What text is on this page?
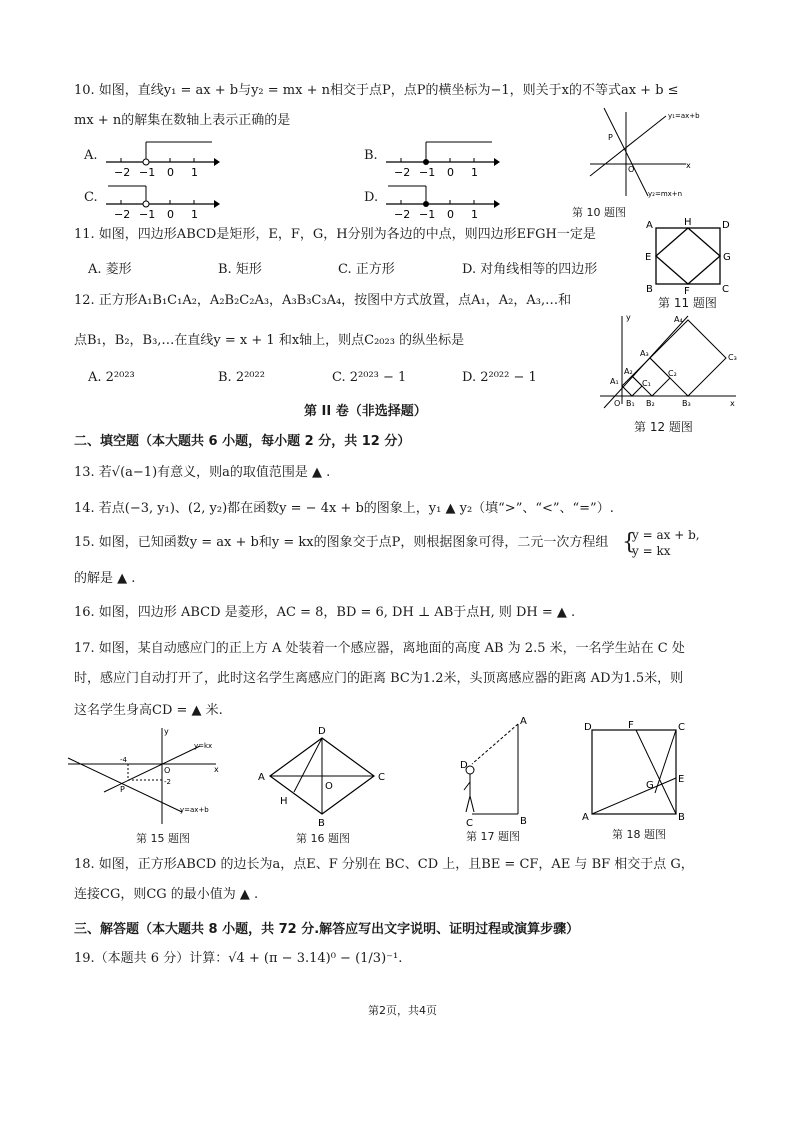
10. 如图，直线y₁ = ax + b与y₂ = mx + n相交于点P，点P的横坐标为−1，则关于x的不等式ax + b ≤
mx + n的解集在数轴上表示正确的是
A.	B.
C.	D.
−2 −1 0 1	−2 −1 0 1
−2 −1 0 1	−2 −1 0 1
y₁=ax+b
y₂=mx+n
P
O	x
第 10 题图
11. 如图，四边形ABCD是矩形，E，F，G，H分别为各边的中点，则四边形EFGH一定是
A. 菱形	B. 矩形	C. 正方形	D. 对角线相等的四边形
A	H	D
E	G
B	F	C
第 11 题图
12. 正方形A₁B₁C₁A₂，A₂B₂C₂A₃，A₃B₃C₃A₄，按图中方式放置，点A₁，A₂，A₃,…和
点B₁，B₂，B₃,…在直线y = x + 1 和x轴上，则点C₂₀₂₃ 的纵坐标是
A. 2²⁰²³	B. 2²⁰²²	C. 2²⁰²³ − 1	D. 2²⁰²² − 1
y
x
O
A₁
A₂
A₃
A₄
B₁ B₂	B₃
C₁
C₂
C₃
第 12 题图
第 II 卷（非选择题）
二、填空题（本大题共 6 小题，每小题 2 分，共 12 分）
13. 若√(a−1)有意义，则a的取值范围是 ▲ .
14. 若点(−3, y₁)、(2, y₂)都在函数y = − 4x + b的图象上，y₁ ▲ y₂（填“>”、“<”、“=”）.
15. 如图，已知函数y = ax + b和y = kx的图象交于点P，则根据图象可得，二元一次方程组 {
y = ax + b,
y = kx
的解是 ▲ .
16. 如图，四边形 ABCD 是菱形，AC = 8，BD = 6, DH ⊥ AB于点H, 则 DH = ▲ .
17. 如图，某自动感应门的正上方 A 处装着一个感应器，离地面的高度 AB 为 2.5 米，一名学生站在 C 处
时，感应门自动打开了，此时这名学生离感应门的距离 BC为1.2米，头顶离感应器的距离 AD为1.5米，则
这名学生身高CD = ▲ 米.
y=kx
y=ax+b
-4
-2
O
P
x
y
第 15 题图
D
A	C
B
H
O
第 16 题图
A
D
C	B
第 17 题图
D	F	C
E
G
A	B
第 18 题图
18. 如图，正方形ABCD 的边长为a，点E、F 分别在 BC、CD 上，且BE = CF，AE 与 BF 相交于点 G，
连接CG，则CG 的最小值为 ▲ .
三、解答题（本大题共 8 小题，共 72 分.解答应写出文字说明、证明过程或演算步骤）
19.（本题共 6 分）计算：√4 + (π − 3.14)⁰ − (1/3)⁻¹.
第2页，共4页
